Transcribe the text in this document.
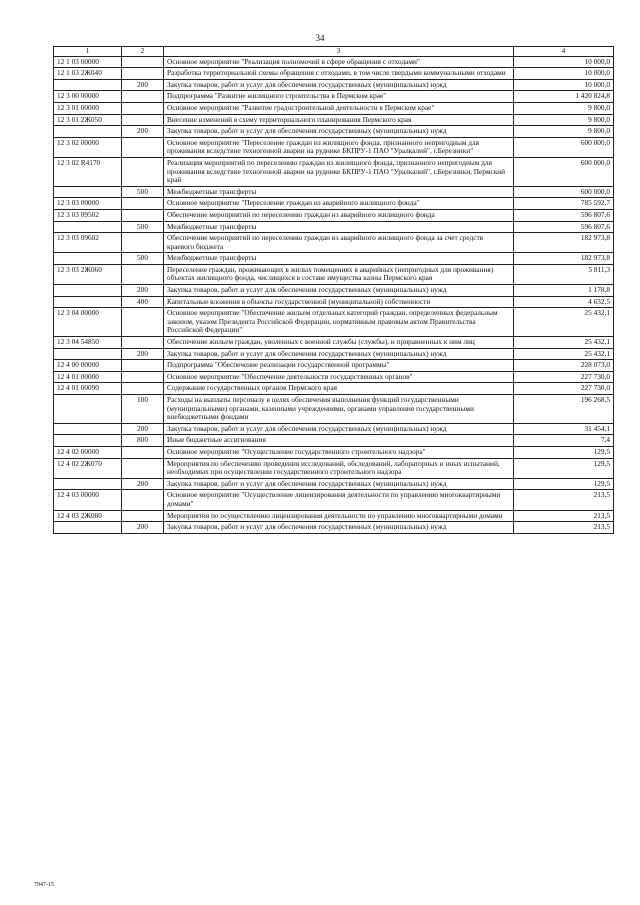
34
1	2	3	4
12 1 03 00000		Основное мероприятие "Реализация полномочий в сфере обращения с отходами"	10 000,0
12 1 03 2Ж040		Разработка территориальной схемы обращения с отходами, в том числе твердыми коммунальными отходами	10 000,0
	200	Закупка товаров, работ и услуг для обеспечения государственных (муниципальных) нужд	10 000,0
12 3 00 00000		Подпрограмма "Развитие жилищного строительства в Пермском крае"	1 420 824,8
12 3 01 00000		Основное мероприятие "Развитие градостроительной деятельности в Пермском крае"	9 800,0
12 3 01 2Ж050		Внесение изменений в схему территориального планирования Пермского края	9 800,0
	200	Закупка товаров, работ и услуг для обеспечения государственных (муниципальных) нужд	9 800,0
12 3 02 00000		Основное мероприятие "Переселение граждан из жилищного фонда, признанного непригодным для проживания вследствие техногенной аварии на руднике БКПРУ-1 ПАО "Уралкалий", г.Березники"	600 000,0
12 3 02 R4170		Реализация мероприятий по переселению граждан из жилищного фонда, признанного непригодным для проживания вследствие техногенной аварии на руднике БКПРУ-1 ПАО "Уралкалий", г.Березники, Пермский край	600 000,0
	500	Межбюджетные трансферты	600 000,0
12 3 03 00000		Основное мероприятие "Переселение граждан из аварийного жилищного фонда"	785 592,7
12 3 03 09502		Обеспечение мероприятий по переселению граждан из аварийного жилищного фонда	596 807,6
	500	Межбюджетные трансферты	596 807,6
12 3 03 09602		Обеспечение мероприятий по переселению граждан из аварийного жилищного фонда за счет средств краевого бюджета	182 973,8
	500	Межбюджетные трансферты	182 973,8
12 3 03 2Ж060		Переселение граждан, проживающих в жилых помещениях в аварийных (непригодных для проживания) объектах жилищного фонда, числящихся в составе имущества казны Пермского края	5 811,3
	200	Закупка товаров, работ и услуг для обеспечения государственных (муниципальных) нужд	1 178,8
	400	Капитальные вложения в объекты государственной (муниципальной) собственности	4 632,5
12 3 04 00000		Основное мероприятие "Обеспечение жильем отдельных категорий граждан, определенных федеральным законом, указом Президента Российской Федерации, нормативным правовым актом Правительства Российской Федерации"	25 432,1
12 3 04 54850		Обеспечение жильем граждан, уволенных с военной службы (службы), и приравненных к ним лиц	25 432,1
	200	Закупка товаров, работ и услуг для обеспечения государственных (муниципальных) нужд	25 432,1
12 4 00 00000		Подпрограмма "Обеспечение реализации государственной программы"	228 073,0
12 4 01 00000		Основное мероприятие "Обеспечение деятельности государственных органов"	227 730,0
12 4 01 00090		Содержание государственных органов Пермского края	227 730,0
	100	Расходы на выплаты персоналу в целях обеспечения выполнения функций государственными (муниципальными) органами, казенными учреждениями, органами управления государственными внебюджетными фондами	196 268,5
	200	Закупка товаров, работ и услуг для обеспечения государственных (муниципальных) нужд	31 454,1
	800	Иные бюджетные ассигнования	7,4
12 4 02 00000		Основное мероприятие "Осуществление государственного строительного надзора"	129,5
12 4 02 2Ж070		Мероприятия по обеспечению проведения исследований, обследований, лабораторных и иных испытаний, необходимых при осуществлении государственного строительного надзора	129,5
	200	Закупка товаров, работ и услуг для обеспечения государственных (муниципальных) нужд	129,5
12 4 03 00000		Основное мероприятие "Осуществление лицензирования деятельности по управлению многоквартирными домами"	213,5
12 4 03 2Ж080		Мероприятия по осуществлению лицензирования деятельности по управлению многоквартирными домами	213,5
	200	Закупка товаров, работ и услуг для обеспечения государственных (муниципальных) нужд	213,5
7947-15
